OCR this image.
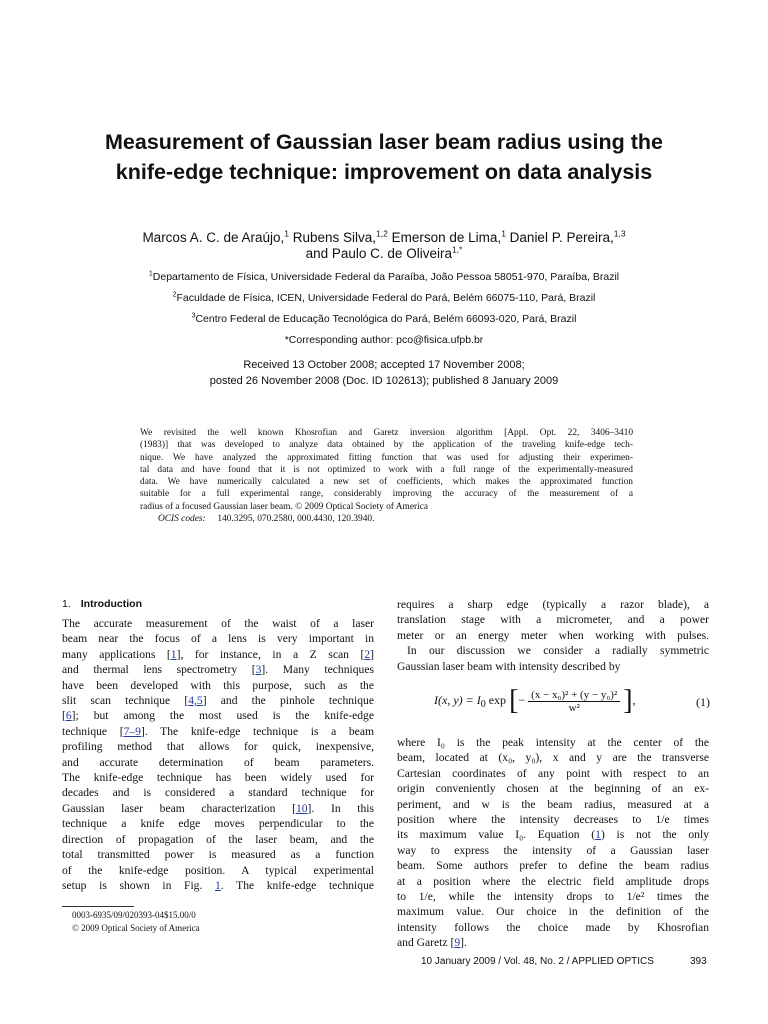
Measurement of Gaussian laser beam radius using the
knife-edge technique: improvement on data analysis
Marcos A. C. de Araújo,$^1$ Rubens Silva,$^{1,2}$ Emerson de Lima,$^1$ Daniel P. Pereira,$^{1,3}$
and Paulo C. de Oliveira$^{1,*}$
$^1$Departamento de Física, Universidade Federal da Paraíba, João Pessoa 58051-970, Paraíba, Brazil
$^2$Faculdade de Física, ICEN, Universidade Federal do Pará, Belém 66075-110, Pará, Brazil
$^3$Centro Federal de Educação Tecnológica do Pará, Belém 66093-020, Pará, Brazil
*Corresponding author: pco@fisica.ufpb.br
Received 13 October 2008; accepted 17 November 2008;
posted 26 November 2008 (Doc. ID 102613); published 8 January 2009
We revisited the well known Khosrofian and Garetz inversion algorithm [Appl. Opt. 22, 3406–3410
(1983)] that was developed to analyze data obtained by the application of the traveling knife-edge tech-
nique. We have analyzed the approximated fitting function that was used for adjusting their experimen-
tal data and have found that it is not optimized to work with a full range of the experimentally-measured
data. We have numerically calculated a new set of coefficients, which makes the approximated function
suitable for a full experimental range, considerably improving the accuracy of the measurement of a
radius of a focused Gaussian laser beam. © 2009 Optical Society of America
OCIS codes: 140.3295, 070.2580, 000.4430, 120.3940.
1. Introduction
The accurate measurement of the waist of a laser
beam near the focus of a lens is very important in
many applications [1], for instance, in a Z scan [2]
and thermal lens spectrometry [3]. Many techniques
have been developed with this purpose, such as the
slit scan technique [4,5] and the pinhole technique
[6]; but among the most used is the knife-edge
technique [7–9]. The knife-edge technique is a beam
profiling method that allows for quick, inexpensive,
and accurate determination of beam parameters.
The knife-edge technique has been widely used for
decades and is considered a standard technique for
Gaussian laser beam characterization [10]. In this
technique a knife edge moves perpendicular to the
direction of propagation of the laser beam, and the
total transmitted power is measured as a function
of the knife-edge position. A typical experimental
setup is shown in Fig. 1. The knife-edge technique
requires a sharp edge (typically a razor blade), a
translation stage with a micrometer, and a power
meter or an energy meter when working with pulses.
In our discussion we consider a radially symmetric
Gaussian laser beam with intensity described by
I(x, $y) = I_0$ exp [− $\frac{\text{(x − x₀)² + (y − y₀)²}}{\text{w²}}$ ],	(1)
where I₀ is the peak intensity at the center of the
beam, located at (x₀, y₀), x and y are the transverse
Cartesian coordinates of any point with respect to an
origin conveniently chosen at the beginning of an ex-
periment, and w is the beam radius, measured at a
position where the intensity decreases to 1/e times
its maximum value I₀. Equation (1) is not the only
way to express the intensity of a Gaussian laser
beam. Some authors prefer to define the beam radius
at a position where the electric field amplitude drops
to 1/e, while the intensity drops to 1/e² times the
maximum value. Our choice in the definition of the
intensity follows the choice made by Khosrofian
and Garetz [9].
0003-6935/09/020393-04$15.00/0
© 2009 Optical Society of America
10 January 2009 / Vol. 48, No. 2 / APPLIED OPTICS	393
